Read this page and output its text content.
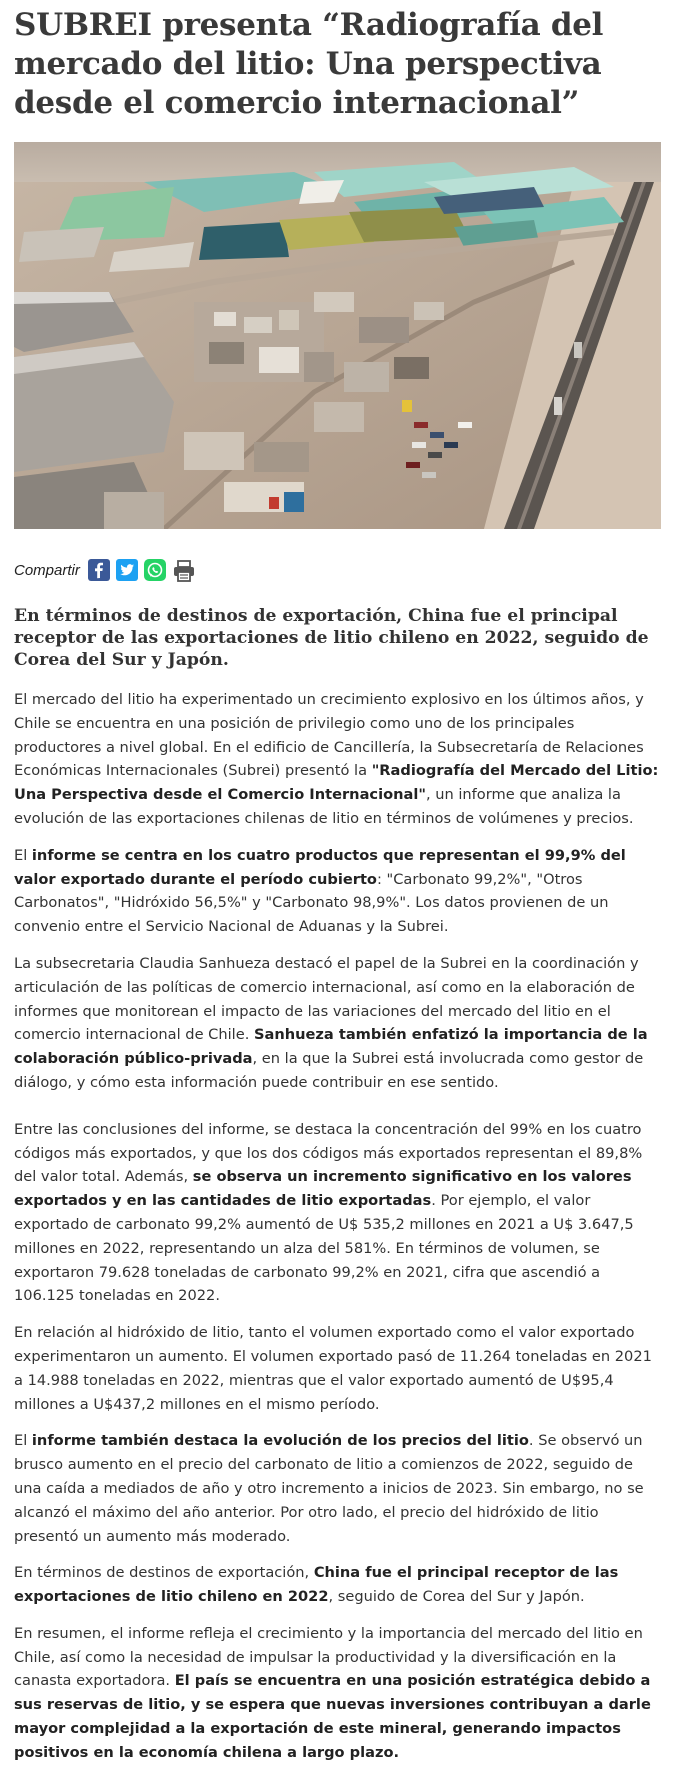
SUBREI presenta “Radiografía del mercado del litio: Una perspectiva desde el comercio internacional”
Compartir
En términos de destinos de exportación, China fue el principal receptor de las exportaciones de litio chileno en 2022, seguido de Corea del Sur y Japón.

El mercado del litio ha experimentado un crecimiento explosivo en los últimos años, y Chile se encuentra en una posición de privilegio como uno de los principales productores a nivel global. En el edificio de Cancillería, la Subsecretaría de Relaciones Económicas Internacionales (Subrei) presentó la "Radiografía del Mercado del Litio: Una Perspectiva desde el Comercio Internacional", un informe que analiza la evolución de las exportaciones chilenas de litio en términos de volúmenes y precios.

El informe se centra en los cuatro productos que representan el 99,9% del valor exportado durante el período cubierto: "Carbonato 99,2%", "Otros Carbonatos", "Hidróxido 56,5%" y "Carbonato 98,9%". Los datos provienen de un convenio entre el Servicio Nacional de Aduanas y la Subrei.

La subsecretaria Claudia Sanhueza destacó el papel de la Subrei en la coordinación y articulación de las políticas de comercio internacional, así como en la elaboración de informes que monitorean el impacto de las variaciones del mercado del litio en el comercio internacional de Chile. Sanhueza también enfatizó la importancia de la colaboración público-privada, en la que la Subrei está involucrada como gestor de diálogo, y cómo esta información puede contribuir en ese sentido.

Entre las conclusiones del informe, se destaca la concentración del 99% en los cuatro códigos más exportados, y que los dos códigos más exportados representan el 89,8% del valor total. Además, se observa un incremento significativo en los valores exportados y en las cantidades de litio exportadas. Por ejemplo, el valor exportado de carbonato 99,2% aumentó de U$ 535,2 millones en 2021 a U$ 3.647,5 millones en 2022, representando un alza del 581%. En términos de volumen, se exportaron 79.628 toneladas de carbonato 99,2% en 2021, cifra que ascendió a 106.125 toneladas en 2022.

En relación al hidróxido de litio, tanto el volumen exportado como el valor exportado experimentaron un aumento. El volumen exportado pasó de 11.264 toneladas en 2021 a 14.988 toneladas en 2022, mientras que el valor exportado aumentó de U$95,4 millones a U$437,2 millones en el mismo período.

El informe también destaca la evolución de los precios del litio. Se observó un brusco aumento en el precio del carbonato de litio a comienzos de 2022, seguido de una caída a mediados de año y otro incremento a inicios de 2023. Sin embargo, no se alcanzó el máximo del año anterior. Por otro lado, el precio del hidróxido de litio presentó un aumento más moderado.

En términos de destinos de exportación, China fue el principal receptor de las exportaciones de litio chileno en 2022, seguido de Corea del Sur y Japón.

En resumen, el informe refleja el crecimiento y la importancia del mercado del litio en Chile, así como la necesidad de impulsar la productividad y la diversificación en la canasta exportadora. El país se encuentra en una posición estratégica debido a sus reservas de litio, y se espera que nuevas inversiones contribuyan a darle mayor complejidad a la exportación de este mineral, generando impactos positivos en la economía chilena a largo plazo.
